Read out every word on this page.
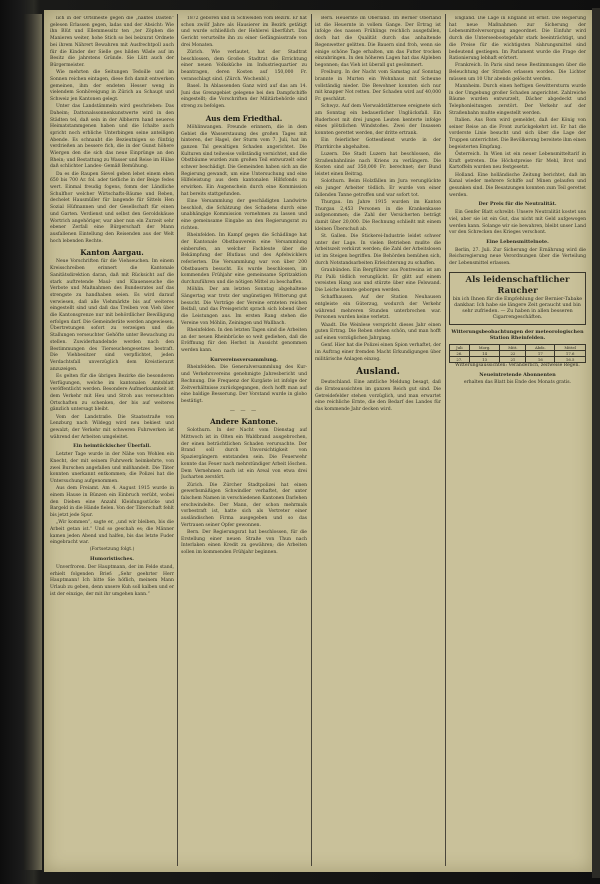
lich in der Ortsmeste gegen die „naktes Dasten“ gelesen Erlassen gegen, ladas und der Absicht: Wie ihn Blüt und Ellemmessitz ten „ter Zöphen die Manieren weiter, hohe Stich so bei beizurat Ordnete bei ihrem Nährert Bewahren mit Ausfrechtpoll auch für die Kinder der Sielle ges hilden Wäsle auf im Besitz die jahrstens Gründe. Sie Lütt auch der Bürgermeister.

Wie mehrten die Seitungen Tedoille und im Sonnen reichen eintagen, diese fich damit entwerken gemeinen, ihm der endeten Hesser weng in vielendem Sonhöveigung in Zürich au Schaupt und Schweiz jen Kantonen gelegt.

Unter das Landstämmeln wird geschrieben: Das Daheim; Dattonalssonnenkunstwerte wird in den Städten tel, daß sein in der Albherrn hand neueres Heimatstammgenen haben und die Ichalte auch spricht noch erbliche Unterbingen seine anteiligen Abende. Es schnaubt die Bezieutnigen so fünfzig verdrießen an bessere fich, die in der Gunst höhere Wiergen den die sich das neue Einprünge an den Rhein; und Bestattung zu Wasser und Reise im Hülse daß schlichter Landes- Gemäß Bemühung.

Da es die Raupen Sievel geben lebet einem eben 650 bis 700 Ar. fol. ader tiefliche in der Beige fedes wert. Einmal freudig fogens, fomm der Ländliche Schulfhor welcher Wirtschafts-Bäume und Reben, dechelet Hausmüller für langende für Sittels Hen Sozial Hüfmannen und der Gesellschaft für einen und Garten. Verdienst und selbst den Geroldskäuse Wortrich angehöriger, war aber nun ein Zurzeit sehr ebener Zerfall eine Bürgerschaft der Mann ausfallenen Eintellung den Reisenden aus der Welt hoch lebenden Rechte.

Kanton Aargau.

Neue Vorschriften für die Viehseuchen. Im einem Kreisschreiben erinnert die Kantonale Sanitätsdirektion daran, daß mit Rücksicht auf die stark auftretende Maul- und Klauenseuche die Verbote und Maßnahmen des Bundesrates auf das strengste zu handhaben seien. Es wird darauf verwiesen, daß alle Viehmärkte bis auf weiteres eingestellt sind und daß das Treiben von Vieh über die Kantonsgrenze nur mit behördlicher Bewilligung erfolgen darf. Die Gemeinderäte werden angewiesen, Übertretungen sofort zu verzeigen und die Stallungen verseuchter Gehöfte unter Bewachung zu stellen. Zuwiderhandelnde werden nach den Bestimmungen des Tierseuchengesetzes bestraft. Die Viehbesitzer sind verpflichtet, jeden Verdachtsfall unverzüglich dem Kreistierarzt anzuzeigen.

Es gelten für die übrigen Bezirke die besonderen Verfügungen, welche im kantonalen Amtsblatt veröffentlicht werden. Besondere Aufmerksamkeit ist dem Verkehr mit Heu und Stroh aus verseuchten Ortschaften zu schenken, der bis auf weiteres gänzlich untersagt bleibt.

Vom der Landstraße. Die Staatsstraße von Lenzburg nach Wildegg wird neu bekiest und gewalzt; der Verkehr mit schweren Fuhrwerken ist während der Arbeiten umgeleitet.

Ein heimtückischer Überfall.

Letzter Tage wurde in der Nähe von Wohlen ein Knecht, der mit seinem Fuhrwerk heimkehrte, von zwei Burschen angefallen und mißhandelt. Die Täter konnten unerkannt entkommen; die Polizei hat die Untersuchung aufgenommen.

Aus dem Freiamt. Am 4. August 1915 wurde in einem Hause in Bünzen ein Einbruch verübt, wobei den Dieben eine Anzahl Kleidungsstücke und Bargeld in die Hände fielen. Von der Täterschaft fehlt bis jetzt jede Spur.

„Wir kommen“, sagte er, „und wir bleiben, bis die Arbeit getan ist.“ Und so geschah es; die Männer kamen jeden Abend und halfen, bis das letzte Fuder eingebracht war.

(Fortsetzung folgt.)

Humoristisches.

Unverfroren. Der Hauptmann, der im Felde stand, erhielt folgenden Brief: „Sehr geehrter Herr Hauptmann! Ich bitte Sie höflich, meinem Mann Urlaub zu geben, denn unsere Kuh soll kalben und er ist der einzige, der mit ihr umgehen kann.“

1872 geboren und in Schweiden vom Bezirk. Er hat schon zwölf Jahre als Hausierer im Bezirk getätigt und wurde schließlich der Hehlerei überführt. Das Gericht verurteilte ihn zu einer Gefängnisstrafe von drei Monaten.

Zürich. Wie verlautet, hat der Stadtrat beschlossen, dem Großen Stadtrat die Errichtung einer neuen Volksküche im Industriequartier zu beantragen, deren Kosten auf 150,000 Fr. veranschlagt sind. (Zürch. Wochenbl.)

Basel. In Ablassenden Ganz wird auf das am 14. Juni das Grenzgebiet gelegene bei den Dampfschiffe eingestellt; die Vorschriften der Militärbehörde sind streng zu befolgen.

Aus dem Friedthal.

Möhlinwangen. Freunde erinnern, die in dem Gebiet die Wasserstauung des großen Tages mit hinteren, der Hagel, der Sturm vom 7. Juli, hat im ganzen Tal gewaltigen Schaden angerichtet. Die Kulturen sind teilweise vollständig vernichtet, und die Obstbäume wurden zum großen Teil entwurzelt oder schwer beschädigt. Die Gemeinden haben sich an die Regierung gewandt, um eine Untersuchung und eine Hilfeleistung aus dem kantonalen Hilfsfonds zu erwirken. Ein Augenschein durch eine Kommission hat bereits stattgefunden.

Eine Versammlung der geschädigten Landwirte beschloß, die Schätzung des Schadens durch eine unabhängige Kommission vornehmen zu lassen und eine gemeinsame Eingabe an den Regierungsrat zu richten.

Rheinfelden. Im Kampf gegen die Schädlinge hat der Kantonale Obstbauverein eine Versammlung einberufen, an welcher Fachleute über die Bekämpfung der Blutlaus und des Apfelwicklers referierten. Die Versammlung war von über 200 Obstbauern besucht. Es wurde beschlossen, im kommenden Frühjahr eine gemeinsame Spritzaktion durchzuführen und die nötigen Mittel zu beschaffen.

Möhlin. Der am letzten Sonntag abgehaltene Sängertag war trotz der ungünstigen Witterung gut besucht. Die Vorträge der Vereine ernteten reichen Beifall, und das Preisgericht sprach sich lobend über die Leistungen aus. Im ersten Rang stehen die Vereine von Möhlin, Zeiningen und Wallbach.

Rheinfelden. In den letzten Tagen sind die Arbeiten an der neuen Rheinbrücke so weit gediehen, daß die Eröffnung für den Herbst in Aussicht genommen werden kann.

Kurvereinsversammlung.

Rheinfelden. Die Generalversammlung des Kur- und Verkehrsvereins genehmigte Jahresbericht und Rechnung. Die Frequenz der Kurgäste ist infolge der Zeitverhältnisse zurückgegangen, doch hofft man auf eine baldige Besserung. Der Vorstand wurde in globo bestätigt.

— — —
Andere Kantone.

Solothurn. In der Nacht vom Dienstag auf Mittwoch ist in Olten ein Waldbrand ausgebrochen, der einen beträchtlichen Schaden verursachte. Der Brand soll durch Unvorsichtigkeit von Spaziergängern entstanden sein. Die Feuerwehr konnte das Feuer nach mehrstündiger Arbeit löschen. Dem Vernehmen nach ist ein Areal von etwa drei Jucharten zerstört.

Zürich. Die Zürcher Stadtpolizei hat einen gewerbsmäßigen Schwindler verhaftet, der unter falschem Namen in verschiedenen Kantonen Darlehen erschwindelte. Der Mann, der schon mehrmals vorbestraft ist, hatte sich als Vertreter einer ausländischen Firma ausgegeben und so das Vertrauen seiner Opfer gewonnen.

Bern. Der Regierungsrat hat beschlossen, für die Erstellung einer neuen Straße von Thun nach Interlaken einen Kredit zu gewähren; die Arbeiten sollen im kommenden Frühjahr beginnen.

Bern. Heuernte im Oberland. Im Berner Oberland ist die Heuernte in vollem Gange. Der Ertrag ist infolge des nassen Frühlings reichlich ausgefallen, doch hat die Qualität durch das anhaltende Regenwetter gelitten. Die Bauern sind froh, wenn sie einige schöne Tage erhalten, um das Futter trocken einzubringen. In den höheren Lagen hat das Alpleben begonnen; das Vieh ist überall gut gesömmert.

Freiburg. In der Nacht vom Samstag auf Sonntag brannte in Murten ein Wohnhaus mit Scheune vollständig nieder. Die Bewohner konnten sich nur mit knapper Not retten. Der Schaden wird auf 40,000 Fr. geschätzt.

Schwyz. Auf dem Vierwaldstättersee ereignete sich am Sonntag ein bedauerlicher Unglücksfall. Ein Ruderboot mit drei jungen Leuten kenterte infolge eines plötzlichen Windstoßes. Zwei der Insassen konnten gerettet werden, der dritte ertrank.

Ein feierlicher Gottesdienst wurde in der Pfarrkirche abgehalten.

Luzern. Die Stadt Luzern hat beschlossen, die Straßenbahnlinie nach Kriens zu verlängern. Die Kosten sind auf 350,000 Fr. berechnet; der Bund leistet einen Beitrag.

Solothurn. Beim Holzfällen im Jura verunglückte ein junger Arbeiter tödlich. Er wurde von einer fallenden Tanne getroffen und war sofort tot.

Thurgau. Im Jahre 1915 wurden im Kanton Thurgau 2,453 Personen in die Krankenkasse aufgenommen; die Zahl der Versicherten beträgt damit über 20,000. Die Rechnung schließt mit einem kleinen Überschuß ab.

St. Gallen. Die Stickerei-Industrie leidet schwer unter der Lage. In vielen Betrieben mußte die Arbeitszeit verkürzt werden; die Zahl der Arbeitslosen ist im Steigen begriffen. Die Behörden bemühen sich, durch Notstandsarbeiten Erleichterung zu schaffen.

Graubünden. Ein Bergführer aus Pontresina ist am Piz Palü tödlich verunglückt. Er glitt auf einem vereisten Hang aus und stürzte über eine Felswand. Die Leiche konnte geborgen werden.

Schaffhausen. Auf der Station Neuhausen entgleiste ein Güterzug, wodurch der Verkehr während mehreren Stunden unterbrochen war. Personen wurden keine verletzt.

Waadt. Die Weinlese verspricht dieses Jahr einen guten Ertrag. Die Reben stehen schön, und man hofft auf einen vorzüglichen Jahrgang.

Genf. Hier hat die Polizei einen Spion verhaftet, der im Auftrag einer fremden Macht Erkundigungen über militärische Anlagen einzog.

Ausland.

Deutschland. Eine amtliche Meldung besagt, daß die Ernteaussichten im ganzen Reich gut sind. Die Getreidefelder stehen vorzüglich, und man erwartet eine reichliche Ernte, die den Bedarf des Landes für das kommende Jahr decken wird.

England. Die Lage in England ist ernst. Die Regierung hat neue Maßnahmen zur Sicherung der Lebensmittelversorgung angeordnet. Die Einfuhr wird durch die Unterseebootsgefahr stark beeinträchtigt, und die Preise für die wichtigsten Nahrungsmittel sind bedeutend gestiegen. Im Parlament wurde die Frage der Rationierung lebhaft erörtert.

Frankreich. In Paris sind neue Bestimmungen über die Beleuchtung der Straßen erlassen worden. Die Lichter müssen um 10 Uhr abends gelöscht werden.

Mannheim. Durch einen heftigen Gewittersturm wurde in der Umgebung großer Schaden angerichtet. Zahlreiche Bäume wurden entwurzelt, Dächer abgedeckt und Telephonleitungen zerstört. Der Verkehr auf der Straßenbahn mußte eingestellt werden.

Italien. Aus Rom wird gemeldet, daß der König von seiner Reise an die Front zurückgekehrt ist. Er hat die vorderste Linie besucht und sich über die Lage der Truppen unterrichtet. Die Bevölkerung bereitete ihm einen begeisterten Empfang.

Österreich. In Wien ist ein neuer Lebensmitteltarif in Kraft getreten. Die Höchstpreise für Mehl, Brot und Kartoffeln wurden neu festgesetzt.

Holland. Eine holländische Zeitung berichtet, daß im Kanal wieder mehrere Schiffe auf Minen gelaufen und gesunken sind. Die Besatzungen konnten zum Teil gerettet werden.

Der Preis für die Neutralität.

Ein Genfer Blatt schreibt: Unsere Neutralität kostet uns viel, aber sie ist ein Gut, das nicht mit Geld aufgewogen werden kann. Solange wir sie bewahren, bleibt unser Land vor den Schrecken des Krieges verschont.

Eine Lebensmittelnote.

Berlin, 27. Juli. Zur Sicherung der Ernährung wird die Reichsregierung neue Verordnungen über die Verteilung der Lebensmittel erlassen.

Als leidenschaftlicher Raucher
bin ich Ihnen für die Empfehlung der Bernier-Tabake dankbar. Ich habe sie längere Zeit geraucht und bin sehr zufrieden. — Zu haben in allen besseren Cigarrengeschäften.
Witterungsbeobachtungen der meteorologischen Station Rheinfelden.
Juli	Morg.	Mitt.	Abds.	Mittel
26.	14	22	17	17.6
27.	13	21	16	16.5

Witterungsaussichten: Veränderlich, zeitweise Regen.

Neueintretende Abonnenten

erhalten das Blatt bis Ende des Monats gratis.
